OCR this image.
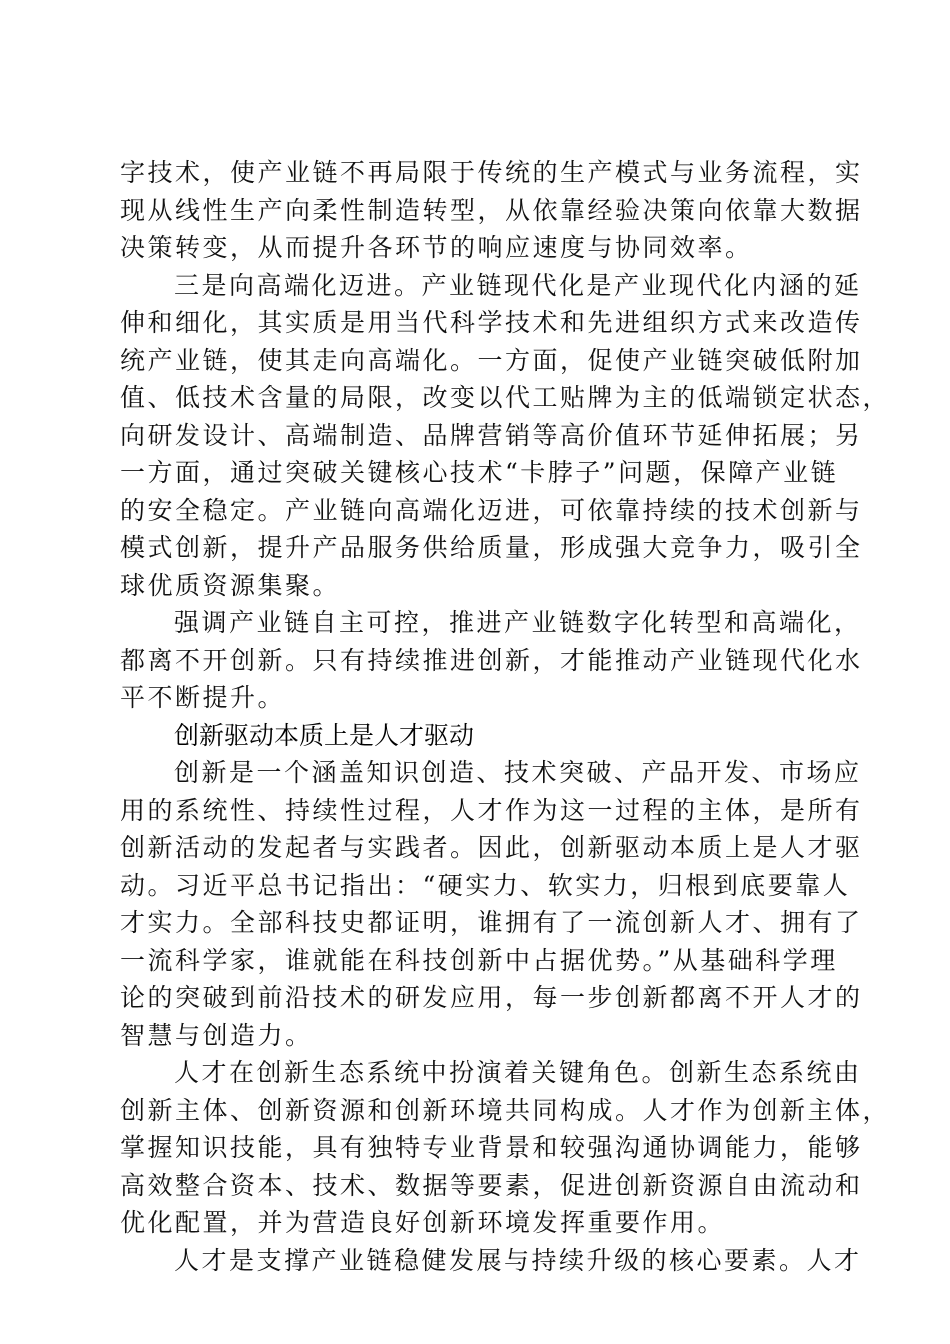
字技术，使产业链不再局限于传统的生产模式与业务流程，实
现从线性生产向柔性制造转型，从依靠经验决策向依靠大数据
决策转变，从而提升各环节的响应速度与协同效率。
三是向高端化迈进。产业链现代化是产业现代化内涵的延
伸和细化，其实质是用当代科学技术和先进组织方式来改造传
统产业链，使其走向高端化。一方面，促使产业链突破低附加
值、低技术含量的局限，改变以代工贴牌为主的低端锁定状态，
向研发设计、高端制造、品牌营销等高价值环节延伸拓展；另
一方面，通过突破关键核心技术“卡脖子”问题，保障产业链
的安全稳定。产业链向高端化迈进，可依靠持续的技术创新与
模式创新，提升产品服务供给质量，形成强大竞争力，吸引全
球优质资源集聚。
强调产业链自主可控，推进产业链数字化转型和高端化，
都离不开创新。只有持续推进创新，才能推动产业链现代化水
平不断提升。
创新驱动本质上是人才驱动
创新是一个涵盖知识创造、技术突破、产品开发、市场应
用的系统性、持续性过程，人才作为这一过程的主体，是所有
创新活动的发起者与实践者。因此，创新驱动本质上是人才驱
动。习近平总书记指出：“硬实力、软实力，归根到底要靠人
才实力。全部科技史都证明，谁拥有了一流创新人才、拥有了
一流科学家，谁就能在科技创新中占据优势。”从基础科学理
论的突破到前沿技术的研发应用，每一步创新都离不开人才的
智慧与创造力。
人才在创新生态系统中扮演着关键角色。创新生态系统由
创新主体、创新资源和创新环境共同构成。人才作为创新主体，
掌握知识技能，具有独特专业背景和较强沟通协调能力，能够
高效整合资本、技术、数据等要素，促进创新资源自由流动和
优化配置，并为营造良好创新环境发挥重要作用。
人才是支撑产业链稳健发展与持续升级的核心要素。人才
